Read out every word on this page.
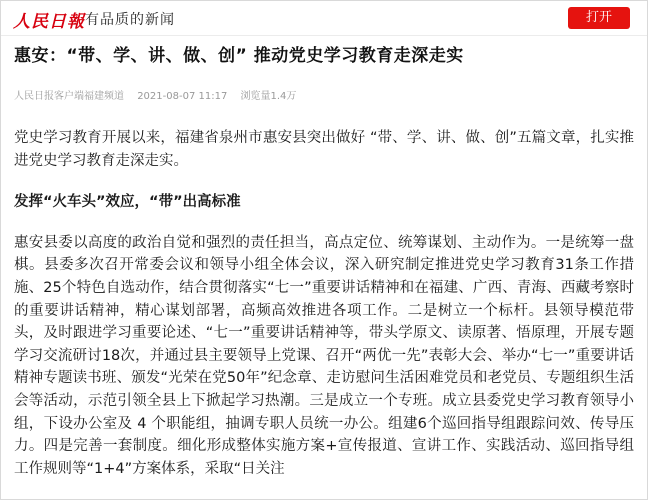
人民日報 有品质的新闻	打开
惠安：“带、学、讲、做、创” 推动党史学习教育走深走实
人民日报客户端福建频道 2021-08-07 11:17 浏览量1.4万

党史学习教育开展以来，福建省泉州市惠安县突出做好 “带、学、讲、做、创”五篇文章，扎实推进党史学习教育走深走实。

发挥“火车头”效应，“带”出高标准

惠安县委以高度的政治自觉和强烈的责任担当，高点定位、统筹谋划、主动作为。一是统筹一盘棋。县委多次召开常委会议和领导小组全体会议，深入研究制定推进党史学习教育31条工作措施、25个特色自选动作，结合贯彻落实“七一”重要讲话精神和在福建、广西、青海、西藏考察时的重要讲话精神，精心谋划部署，高频高效推进各项工作。二是树立一个标杆。县领导模范带头，及时跟进学习重要论述、“七一”重要讲话精神等，带头学原文、读原著、悟原理，开展专题学习交流研讨18次，并通过县主要领导上党课、召开“两优一先”表彰大会、举办“七一”重要讲话精神专题读书班、颁发“光荣在党50年”纪念章、走访慰问生活困难党员和老党员、专题组织生活会等活动，示范引领全县上下掀起学习热潮。三是成立一个专班。成立县委党史学习教育领导小组，下设办公室及 4 个职能组，抽调专职人员统一办公。组建6个巡回指导组跟踪问效、传导压力。四是完善一套制度。细化形成整体实施方案+宣传报道、宣讲工作、实践活动、巡回指导组工作规则等“1+4”方案体系，采取“日关注
